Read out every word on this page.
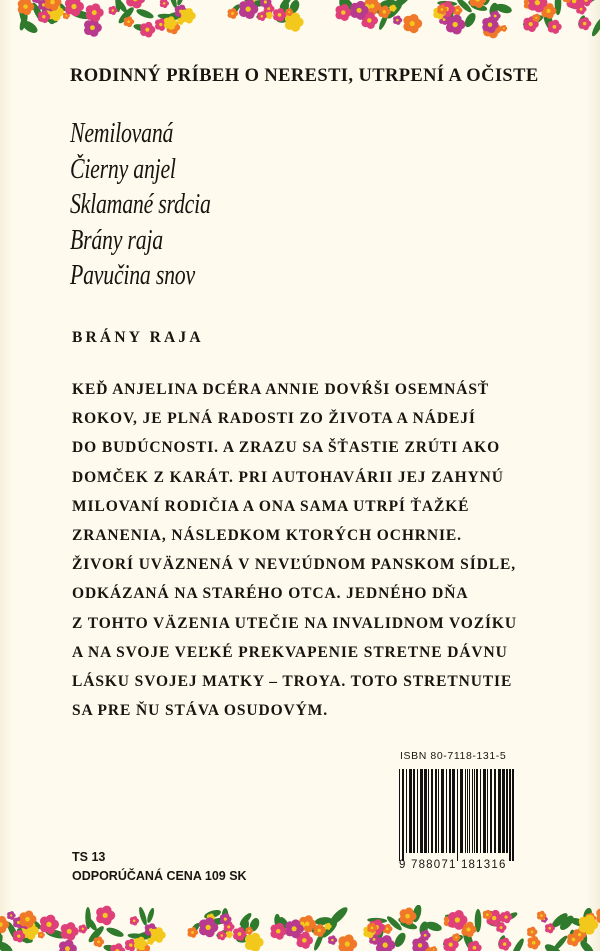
RODINNÝ PRÍBEH O NERESTI, UTRPENÍ A OČISTE
Nemilovaná
Čierny anjel
Sklamané srdcia
Brány raja
Pavučina snov
BRÁNY RAJA
KEĎ ANJELINA DCÉRA ANNIE DOVŔŠI OSEMNÁSŤ
ROKOV, JE PLNÁ RADOSTI ZO ŽIVOTA A NÁDEJÍ
DO BUDÚCNOSTI. A ZRAZU SA ŠŤASTIE ZRÚTI AKO
DOMČEK Z KARÁT. PRI AUTOHAVÁRII JEJ ZAHYNÚ
MILOVANÍ RODIČIA A ONA SAMA UTRPÍ ŤAŽKÉ
ZRANENIA, NÁSLEDKOM KTORÝCH OCHRNIE.
ŽIVORÍ UVÄZNENÁ V NEVĽÚDNOM PANSKOM SÍDLE,
ODKÁZANÁ NA STARÉHO OTCA. JEDNÉHO DŇA
Z TOHTO VÄZENIA UTEČIE NA INVALIDNOM VOZÍKU
A NA SVOJE VEĽKÉ PREKVAPENIE STRETNE DÁVNU
LÁSKU SVOJEJ MATKY – TROYA. TOTO STRETNUTIE
SA PRE ŇU STÁVA OSUDOVÝM.
ISBN 80-7118-131-5
9 788071 181316
TS 13
ODPORÚČANÁ CENA 109 SK
